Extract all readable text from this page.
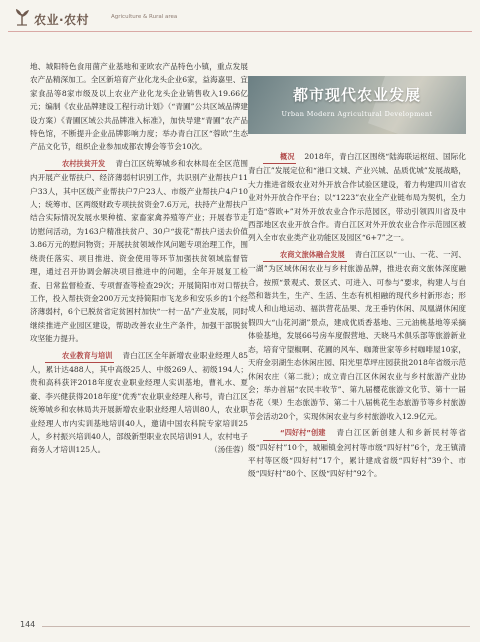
农业·农村	Agriculture & Rural area

地、城阳特色食用菌产业基地和亚欧农产品特色小镇，重点发展农产品精深加工。全区新培育产业化龙头企业6家，益海嘉里、宜家食品等8家市级及以上农业产业化龙头企业销售收入19.66亿元；编制《农业品牌建设工程行动计划》（“青圃”公共区域品牌建设方案）《青圃区域公共品牌准入标准》，加快导建“青圃”农产品特色馆，不断提升企业品牌影响力度；举办青白江区“蓉欧”生态产品文化节，组织企业参加成都农博会等节会10次。

农村扶贫开发 青白江区统筹城乡和农林局在全区范围内开展产业帮扶户、经济薄弱村识别工作，共识别产业帮扶户11户33人，其中区级产业帮扶户7户23人、市级产业帮扶户4户10人；统筹市、区两级财政专项扶贫资金7.6万元，扶持产业帮扶户结合实际情况发展水果种植、家畜家禽养殖等产业；开展春节走访慰问活动，为163户精准扶贫户、30户“拔花”帮扶户送去价值3.86万元的慰问物资；开展扶贫领域作风问题专项治理工作，围绕责任落实、项目推进、资金使用等环节加强扶贫领域监督管理，通过召开协调会解决项目推进中的问题，全年开展复工检查、日常监督检查、专项督查等检查29次；开展简阳市对口帮扶工作，投入帮扶资金200万元支持简阳市飞龙乡和安乐乡的1个经济薄弱村，6个已脱贫省定贫困村加快“一村一品”产业发展，同时继续推进产业园区建设，帮助改善农业生产条件，加强干部脱贫攻坚能力提升。

农业教育与培训 青白江区全年新增农业职业经理人85人，累计达488人，其中高级25人、中级269人、初级194人；贵和高科获评2018年度农业职业经理人实训基地，曹礼水、夏豪、李兴健获得2018年度“优秀”农业职业经理人称号，青白江区统筹城乡和农林局共开展新增农业职业经理人培训80人，农业职业经理人市内实训基地培训40人，邀请中国农科院专家培训25人，乡村振兴培训40人，部级新型职业农民培训91人，农村电子商务人才培训125人。	（汤佳蓉）

都市现代农业发展
Urban Modern Agricultural Development

概况 2018年，青白江区围绕“陆海联运枢纽、国际化青白江”发展定位和“港口文城、产业兴城、品质优城”发展战略，大力推进省级农业对外开放合作试验区建设，着力构建四川省农业对外开放合作平台；以“1223”农业全产业链布局为契机，全力打造“蓉欧+”对外开放农业合作示范园区，带动引领四川省及中西部地区农业开放合作。青白江区对外开放农业合作示范园区被列入全市农业类产业功能区及园区“6+7”之一。

农商文旅体融合发展 青白江区以“一山、一花、一河、一湖”为区域休闲农业与乡村旅游品牌，推进农商文旅体深度融合，按照“景观式、景区式、可进入、可参与”要求，构建人与自然和谐共生，生产、生活、生态有机相融的现代乡村新形态；形成人和山地运动、福洪营花品果、龙王垂钓休闲、凤凰湖休闲度假四大“山花河湖”景点，建成优质香基地、三元油桃基地等采摘体验基地，发展66号房车度假营地、天晓马术俱乐部等旅游新业态，培育守望椒啊、花圃的风车、咖萧世家等乡村咖啡屋10家，天府金羽湖生态休闲庄园、阳光里草坪庄园获批2018年省级示范休闲农庄（第二批）；成立青白江区休闲农业与乡村旅游产业协会；举办首届“农民丰收节”、第九届樱花旅游文化节、第十一届杏花（果）生态旅游节、第二十八届桃花生态旅游节等乡村旅游节会活动20个，实现休闲农业与乡村旅游收入12.9亿元。

“四好村”创建 青白江区新创建人和乡新民村等省级“四好村”10个，城厢镇金河村等市级“四好村”6个，龙王镇清平村等区级“四好村”17个，累计建成省级“四好村”39个、市级“四好村”80个、区级“四好村”92个。

144
